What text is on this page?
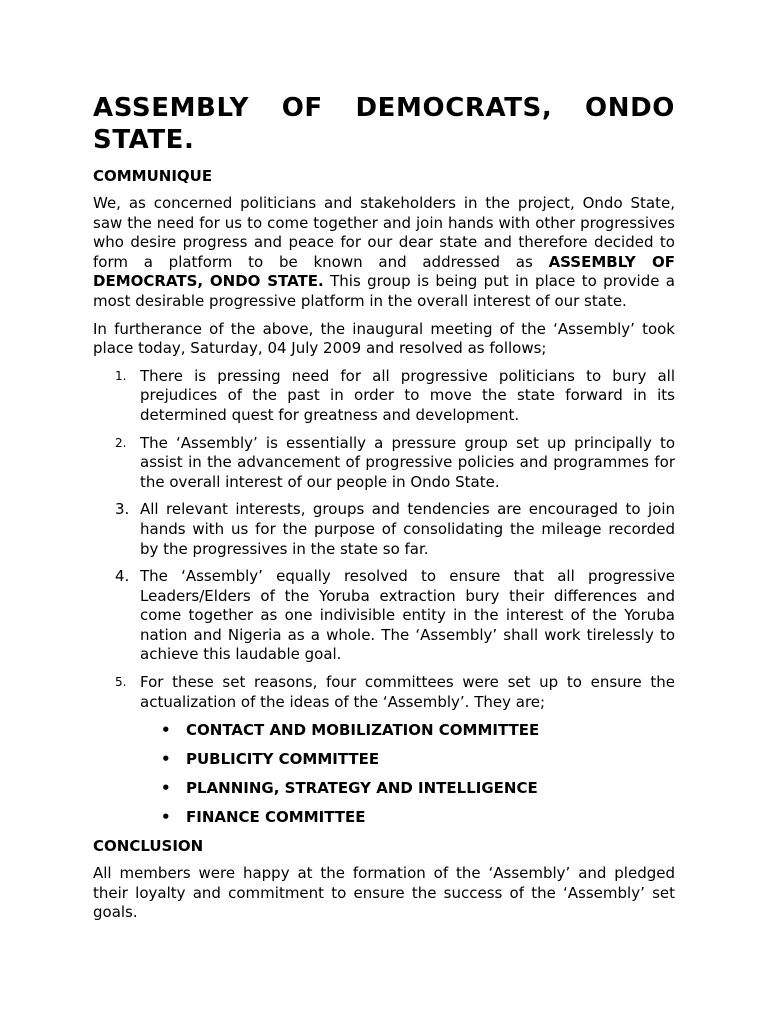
ASSEMBLY OF DEMOCRATS, ONDO STATE.
COMMUNIQUE

We, as concerned politicians and stakeholders in the project, Ondo State, saw the need for us to come together and join hands with other progressives who desire progress and peace for our dear state and therefore decided to form a platform to be known and addressed as ASSEMBLY OF DEMOCRATS, ONDO STATE. This group is being put in place to provide a most desirable progressive platform in the overall interest of our state.

In furtherance of the above, the inaugural meeting of the ‘Assembly’ took place today, Saturday, 04 July 2009 and resolved as follows;

1. There is pressing need for all progressive politicians to bury all prejudices of the past in order to move the state forward in its determined quest for greatness and development.
2. The ‘Assembly’ is essentially a pressure group set up principally to assist in the advancement of progressive policies and programmes for the overall interest of our people in Ondo State.
3. All relevant interests, groups and tendencies are encouraged to join hands with us for the purpose of consolidating the mileage recorded by the progressives in the state so far.
4. The ‘Assembly’ equally resolved to ensure that all progressive Leaders/Elders of the Yoruba extraction bury their differences and come together as one indivisible entity in the interest of the Yoruba nation and Nigeria as a whole. The ‘Assembly’ shall work tirelessly to achieve this laudable goal.
5. For these set reasons, four committees were set up to ensure the actualization of the ideas of the ‘Assembly’. They are;
• CONTACT AND MOBILIZATION COMMITTEE
• PUBLICITY COMMITTEE
• PLANNING, STRATEGY AND INTELLIGENCE
• FINANCE COMMITTEE
CONCLUSION

All members were happy at the formation of the ‘Assembly’ and pledged their loyalty and commitment to ensure the success of the ‘Assembly’ set goals.
